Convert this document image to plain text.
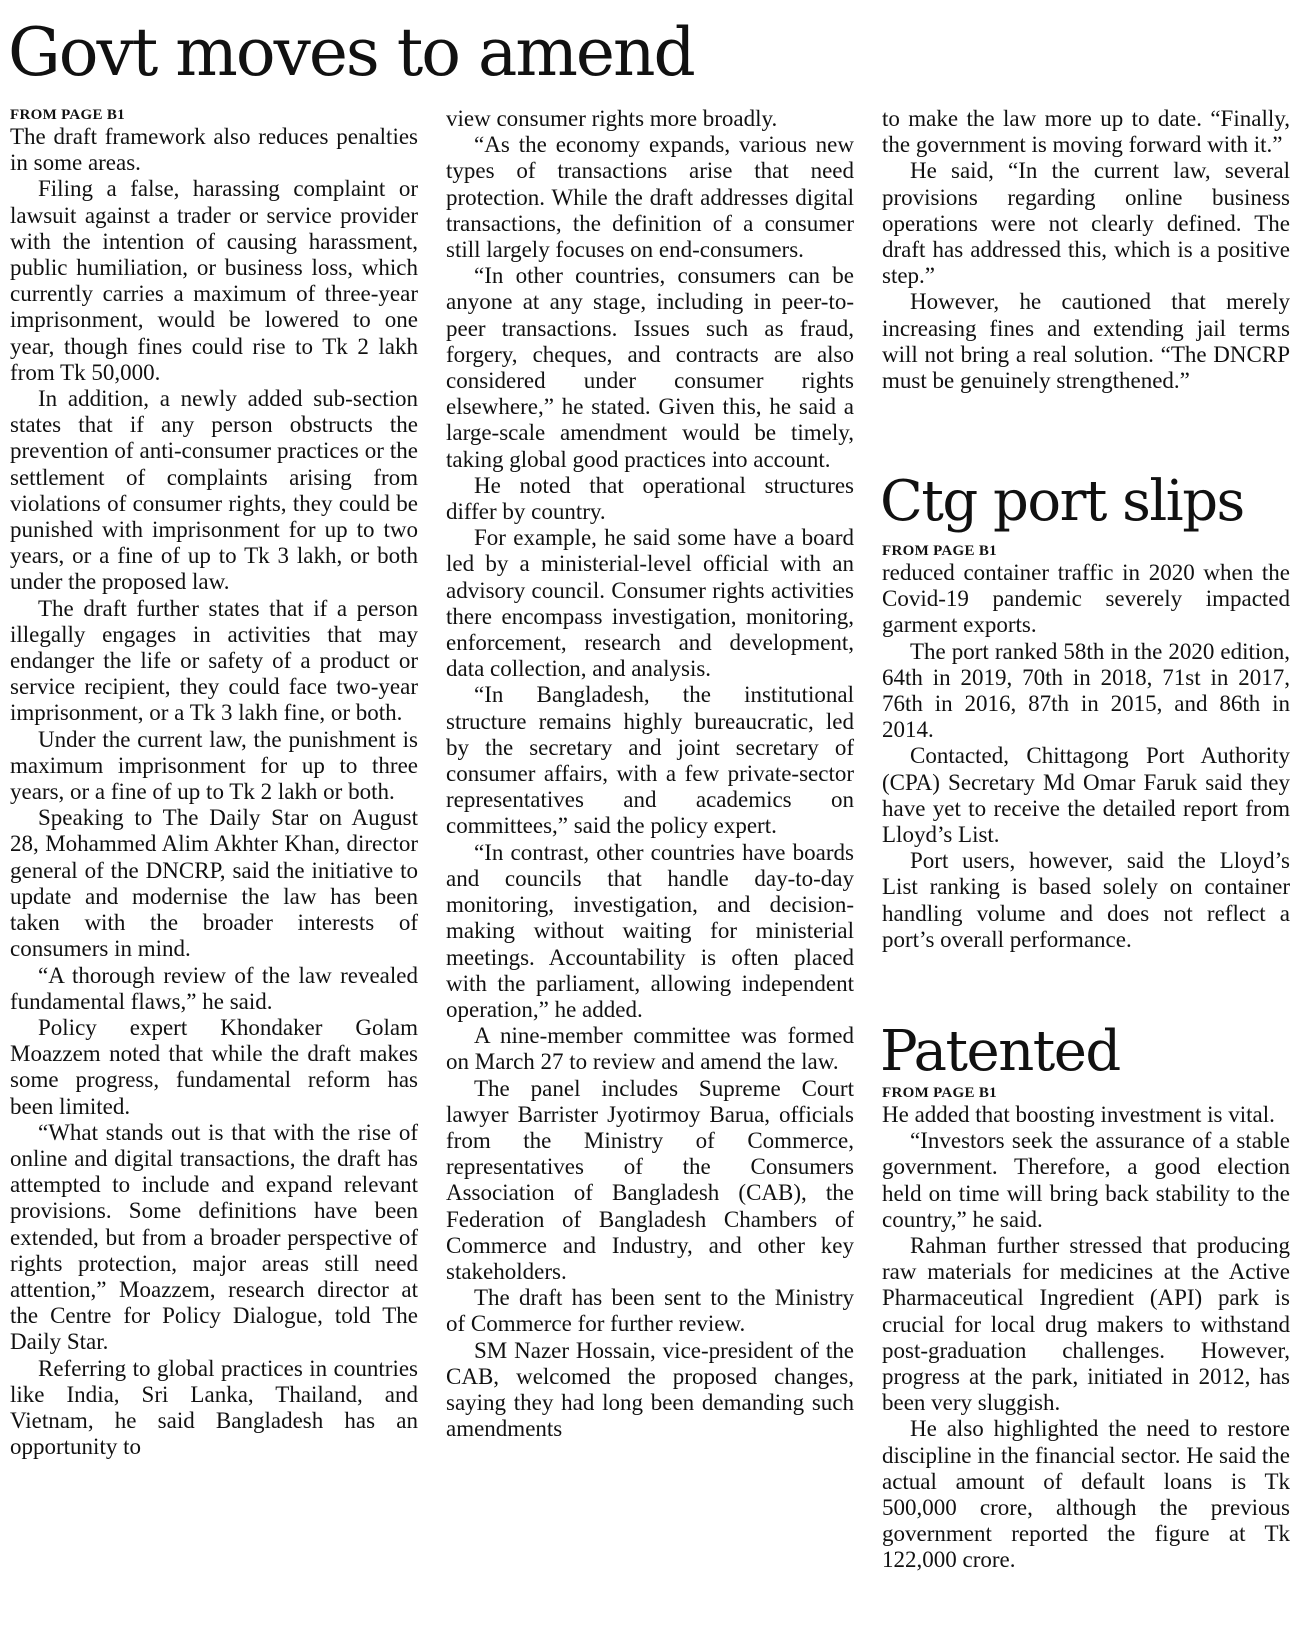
Govt moves to amend
FROM PAGE B1

The draft framework also reduces penalties in some areas.

Filing a false, harassing complaint or lawsuit against a trader or service provider with the intention of causing harassment, public humiliation, or business loss, which currently carries a maximum of three-year imprisonment, would be lowered to one year, though fines could rise to Tk 2 lakh from Tk 50,000.

In addition, a newly added sub-section states that if any person obstructs the prevention of anti-consumer practices or the settlement of complaints arising from violations of consumer rights, they could be punished with imprisonment for up to two years, or a fine of up to Tk 3 lakh, or both under the proposed law.

The draft further states that if a person illegally engages in activities that may endanger the life or safety of a product or service recipient, they could face two-year imprisonment, or a Tk 3 lakh fine, or both.

Under the current law, the punishment is maximum imprisonment for up to three years, or a fine of up to Tk 2 lakh or both.

Speaking to The Daily Star on August 28, Mohammed Alim Akhter Khan, director general of the DNCRP, said the initiative to update and modernise the law has been taken with the broader interests of consumers in mind.

“A thorough review of the law revealed fundamental flaws,” he said.

Policy expert Khondaker Golam Moazzem noted that while the draft makes some progress, fundamental reform has been limited.

“What stands out is that with the rise of online and digital transactions, the draft has attempted to include and expand relevant provisions. Some definitions have been extended, but from a broader perspective of rights protection, major areas still need attention,” Moazzem, research director at the Centre for Policy Dialogue, told The Daily Star.

Referring to global practices in countries like India, Sri Lanka, Thailand, and Vietnam, he said Bangladesh has an opportunity to

view consumer rights more broadly.

“As the economy expands, various new types of transactions arise that need protection. While the draft addresses digital transactions, the definition of a consumer still largely focuses on end-consumers.

“In other countries, consumers can be anyone at any stage, including in peer-to-peer transactions. Issues such as fraud, forgery, cheques, and contracts are also considered under consumer rights elsewhere,” he stated. Given this, he said a large-scale amendment would be timely, taking global good practices into account.

He noted that operational structures differ by country.

For example, he said some have a board led by a ministerial-level official with an advisory council. Consumer rights activities there encompass investigation, monitoring, enforcement, research and development, data collection, and analysis.

“In Bangladesh, the institutional structure remains highly bureaucratic, led by the secretary and joint secretary of consumer affairs, with a few private-sector representatives and academics on committees,” said the policy expert.

“In contrast, other countries have boards and councils that handle day-to-day monitoring, investigation, and decision-making without waiting for ministerial meetings. Accountability is often placed with the parliament, allowing independent operation,” he added.

A nine-member committee was formed on March 27 to review and amend the law.

The panel includes Supreme Court lawyer Barrister Jyotirmoy Barua, officials from the Ministry of Commerce, representatives of the Consumers Association of Bangladesh (CAB), the Federation of Bangladesh Chambers of Commerce and Industry, and other key stakeholders.

The draft has been sent to the Ministry of Commerce for further review.

SM Nazer Hossain, vice-president of the CAB, welcomed the proposed changes, saying they had long been demanding such amendments

to make the law more up to date. “Finally, the government is moving forward with it.”

He said, “In the current law, several provisions regarding online business operations were not clearly defined. The draft has addressed this, which is a positive step.”

However, he cautioned that merely increasing fines and extending jail terms will not bring a real solution. “The DNCRP must be genuinely strengthened.”

Ctg port slips
FROM PAGE B1

reduced container traffic in 2020 when the Covid-19 pandemic severely impacted garment exports.

The port ranked 58th in the 2020 edition, 64th in 2019, 70th in 2018, 71st in 2017, 76th in 2016, 87th in 2015, and 86th in 2014.

Contacted, Chittagong Port Authority (CPA) Secretary Md Omar Faruk said they have yet to receive the detailed report from Lloyd’s List.

Port users, however, said the Lloyd’s List ranking is based solely on container handling volume and does not reflect a port’s overall performance.

Patented
FROM PAGE B1

He added that boosting investment is vital.

“Investors seek the assurance of a stable government. Therefore, a good election held on time will bring back stability to the country,” he said.

Rahman further stressed that producing raw materials for medicines at the Active Pharmaceutical Ingredient (API) park is crucial for local drug makers to withstand post-graduation challenges. However, progress at the park, initiated in 2012, has been very sluggish.

He also highlighted the need to restore discipline in the financial sector. He said the actual amount of default loans is Tk 500,000 crore, although the previous government reported the figure at Tk 122,000 crore.
